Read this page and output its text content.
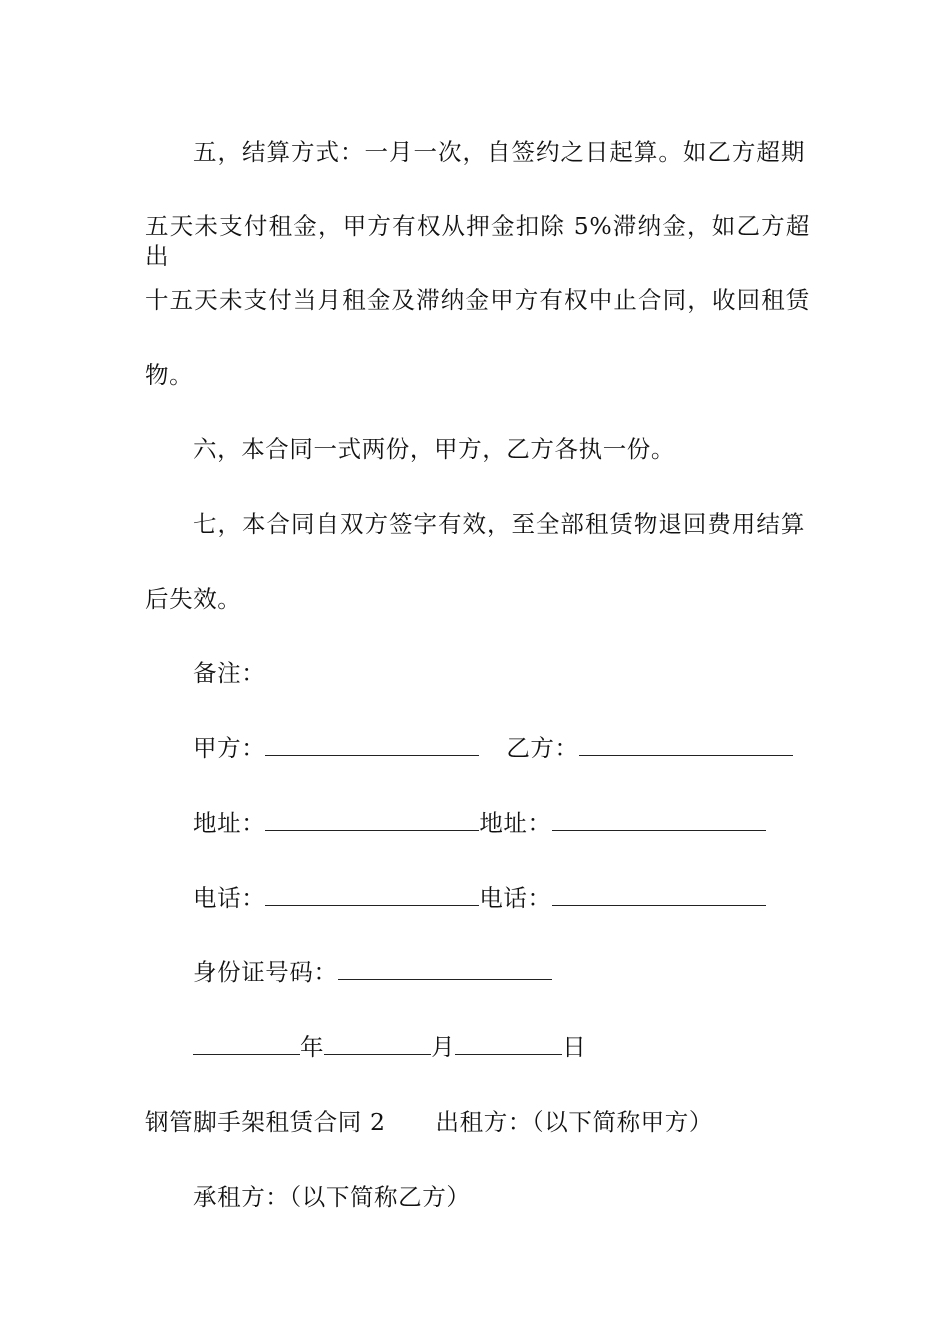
五，结算方式：一月一次，自签约之日起算。如乙方超期
五天未支付租金，甲方有权从押金扣除 5%滞纳金，如乙方超出
十五天未支付当月租金及滞纳金甲方有权中止合同，收回租赁
物。
六，本合同一式两份，甲方，乙方各执一份。
七，本合同自双方签字有效，至全部租赁物退回费用结算
后失效。
备注：
甲方：	乙方：
地址：	地址：
电话：	电话：
身份证号码：
年	月	日
钢管脚手架租赁合同 2 出租方：（以下简称甲方）
承租方：（以下简称乙方）
